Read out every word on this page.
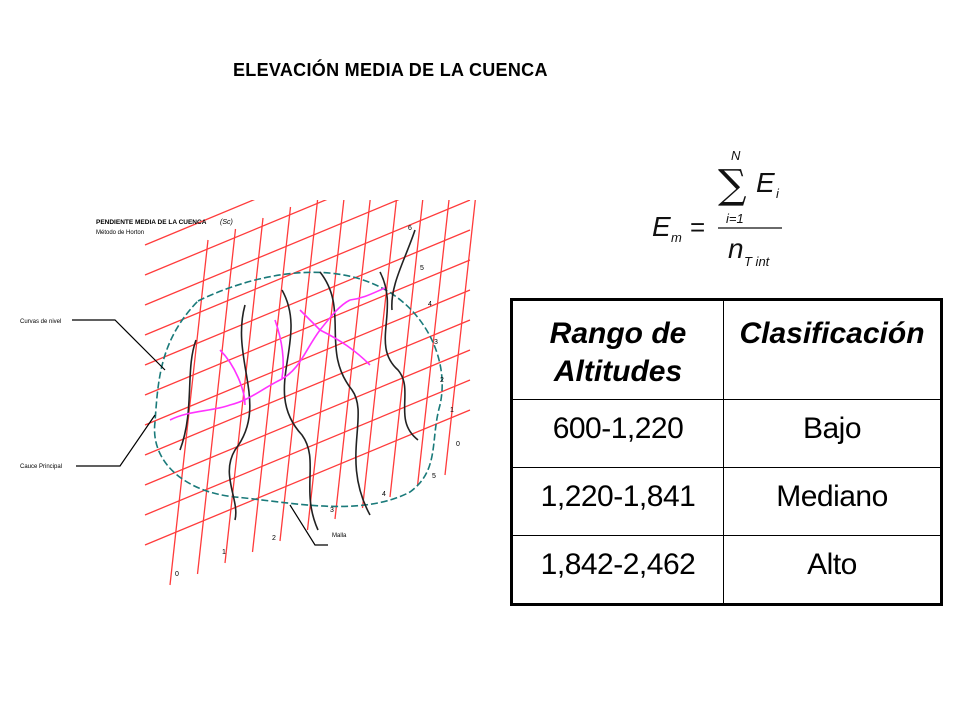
ELEVACIÓN MEDIA DE LA CUENCA
PENDIENTE MEDIA DE LA CUENCA (Sc)
Método de Horton
Curvas de nivel
Cauce Principal
Malla
0
1
2
3
4
5
6
5
4
3
2
1
0
N
∑ E i
i=1
E m =
n T int
Rango de Altitudes	Clasificación
600-1,220	Bajo
1,220-1,841	Mediano
1,842-2,462	Alto
